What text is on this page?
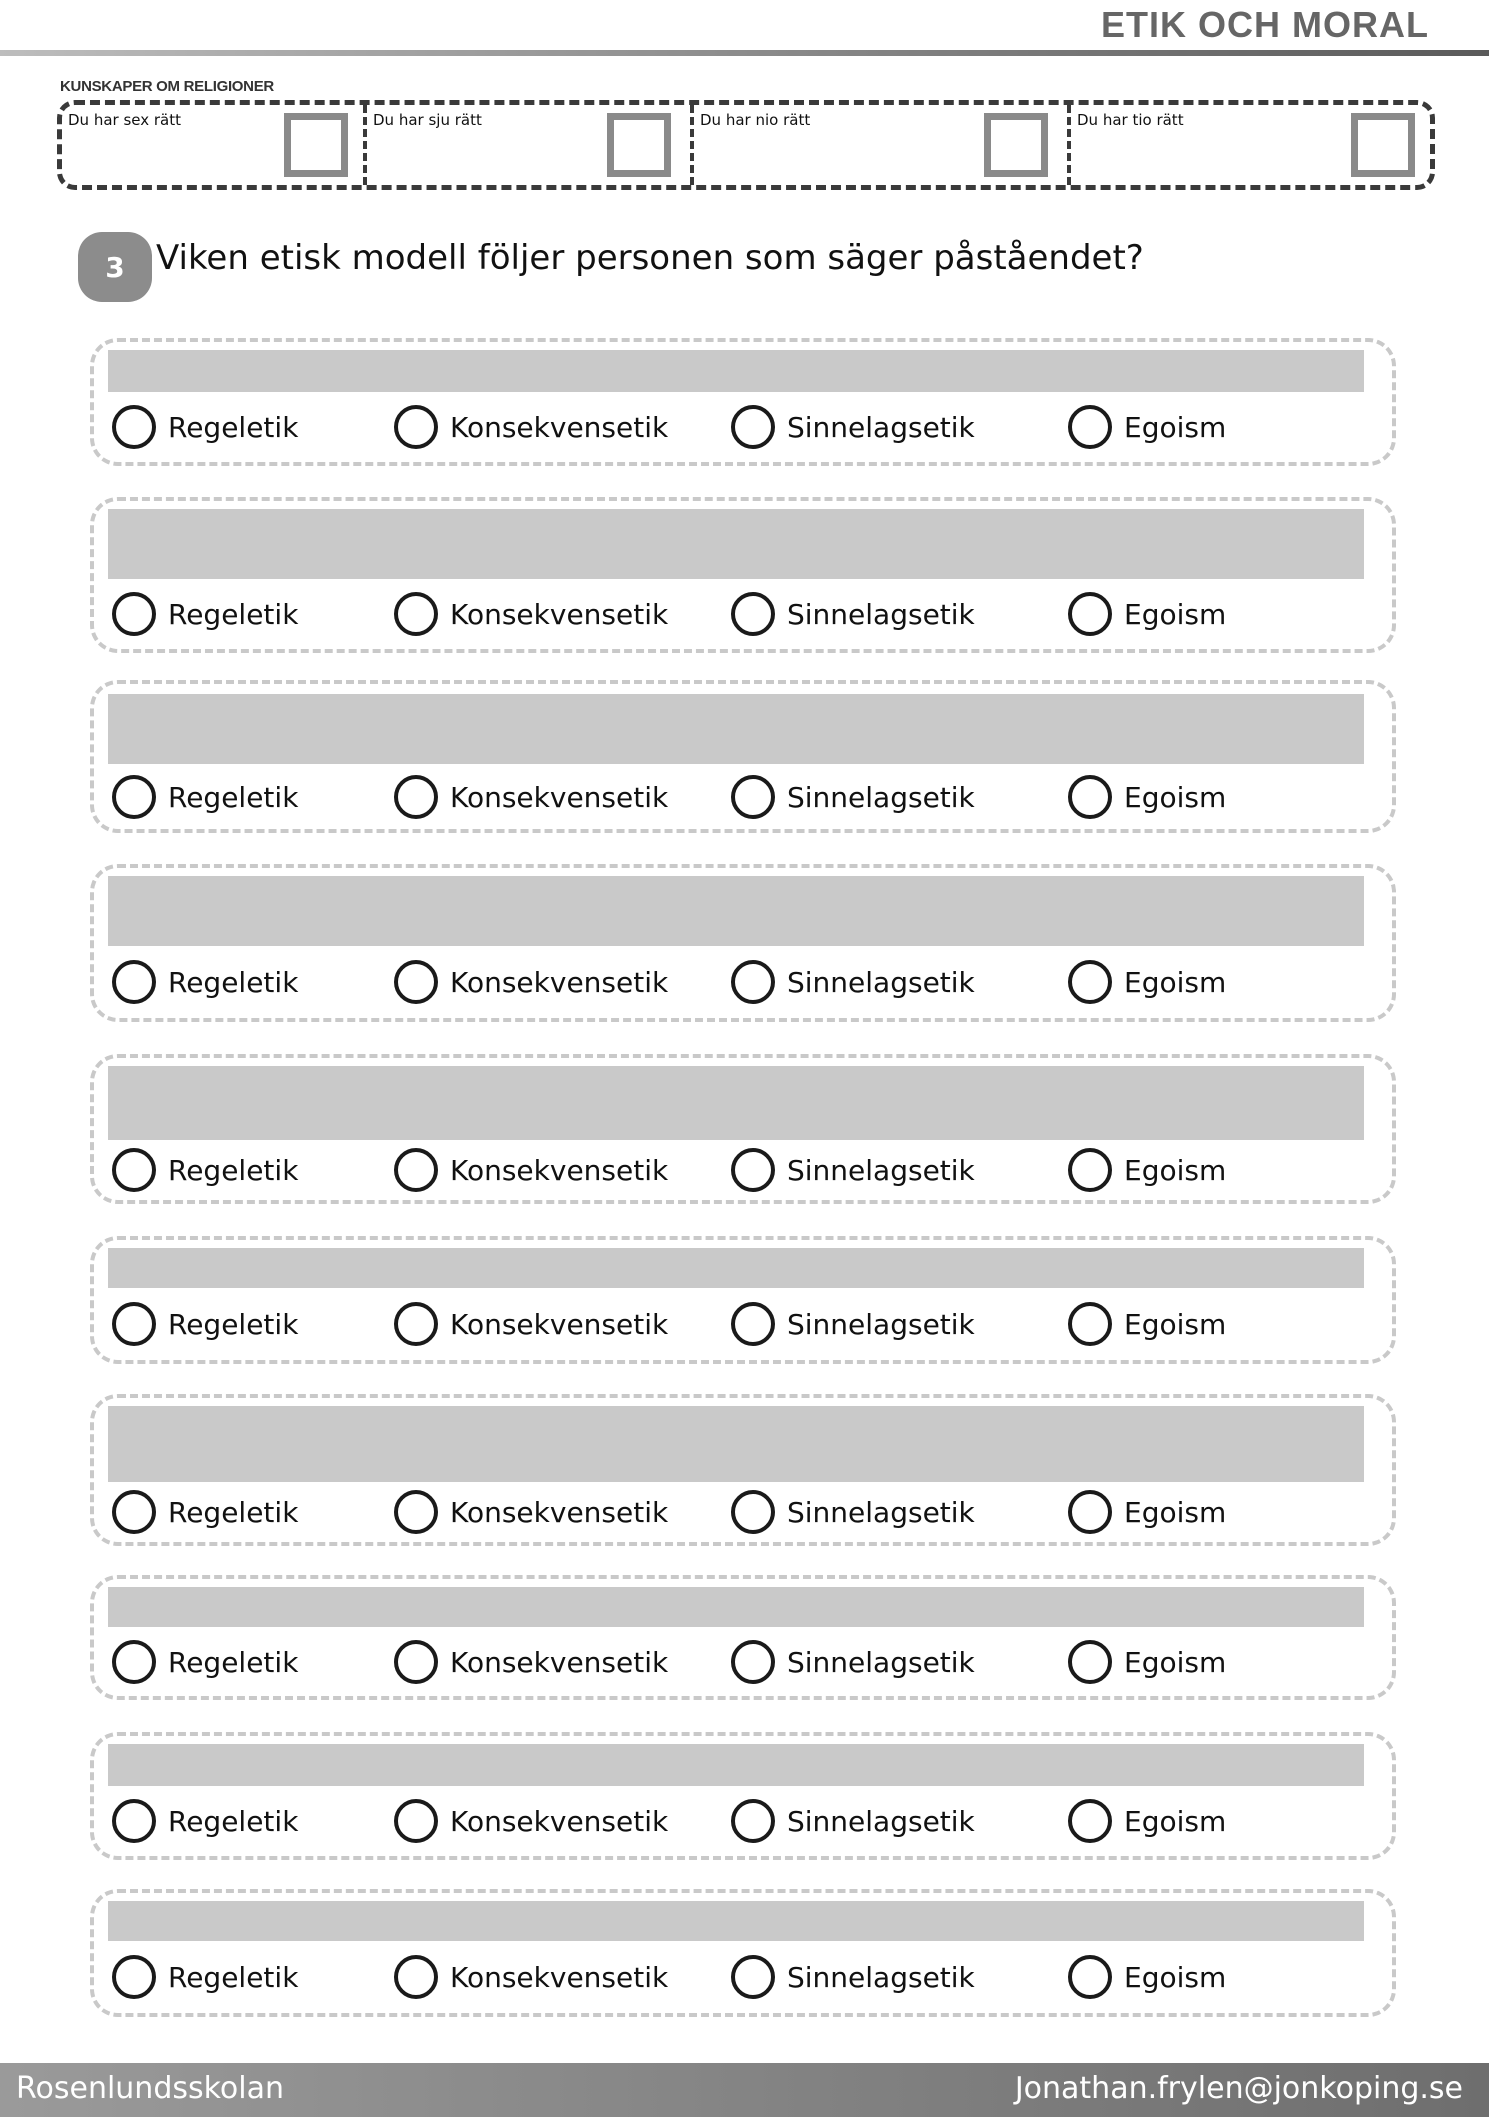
ETIK OCH MORAL
KUNSKAPER OM RELIGIONER
Du har sex rätt	Du har sju rätt	Du har nio rätt	Du har tio rätt
3 Viken etisk modell följer personen som säger påståendet?
Regeletik	Konsekvensetik	Sinnelagsetik	Egoism
Regeletik	Konsekvensetik	Sinnelagsetik	Egoism
Regeletik	Konsekvensetik	Sinnelagsetik	Egoism
Regeletik	Konsekvensetik	Sinnelagsetik	Egoism
Regeletik	Konsekvensetik	Sinnelagsetik	Egoism
Regeletik	Konsekvensetik	Sinnelagsetik	Egoism
Regeletik	Konsekvensetik	Sinnelagsetik	Egoism
Regeletik	Konsekvensetik	Sinnelagsetik	Egoism
Regeletik	Konsekvensetik	Sinnelagsetik	Egoism
Regeletik	Konsekvensetik	Sinnelagsetik	Egoism
Rosenlundsskolan	Jonathan.frylen@jonkoping.se
